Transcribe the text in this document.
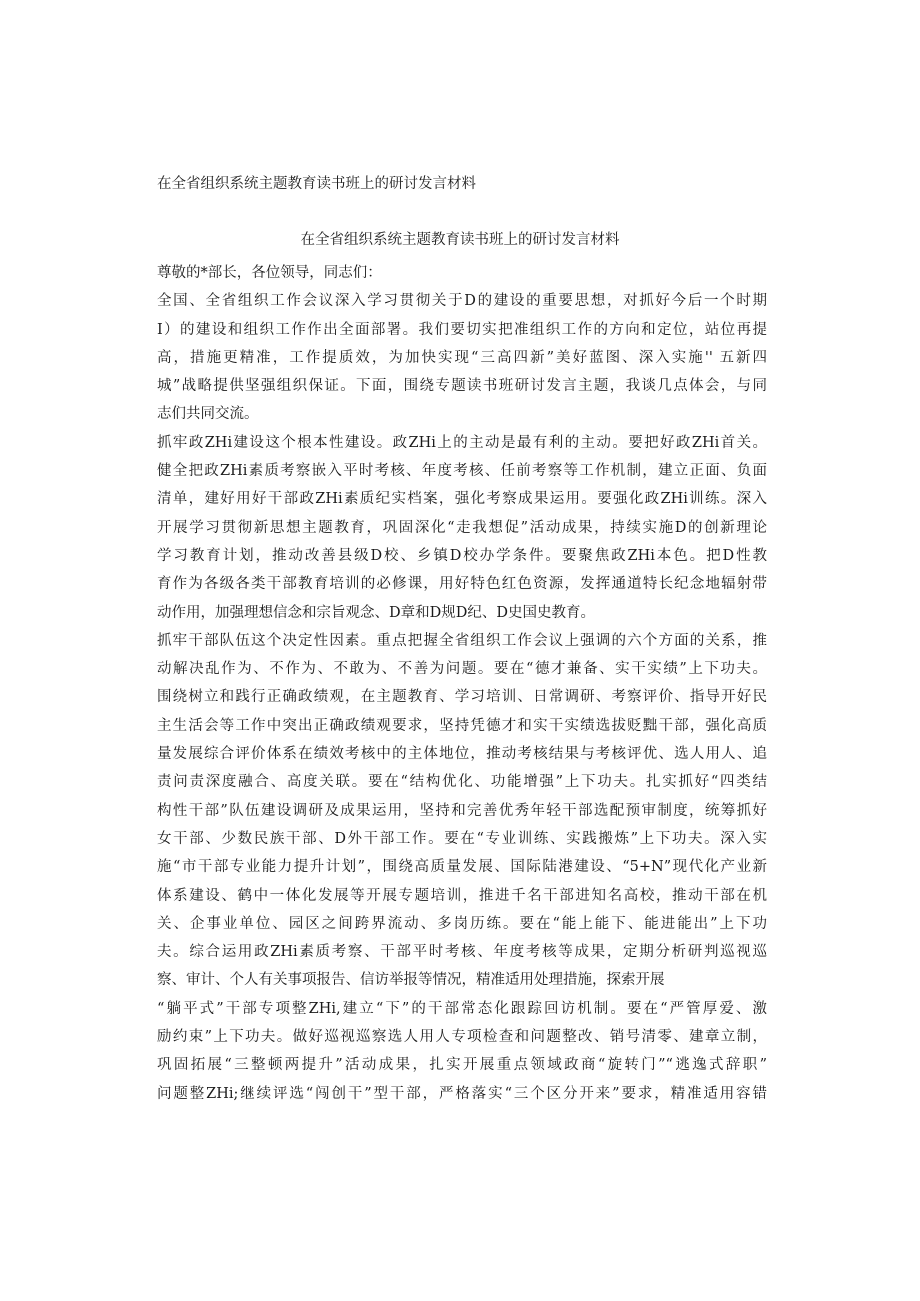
在全省组织系统主题教育读书班上的研讨发言材料
在全省组织系统主题教育读书班上的研讨发言材料
尊敬的*部长，各位领导，同志们：
全国、全省组织工作会议深入学习贯彻关于D的建设的重要思想，对抓好今后一个时期
I）的建设和组织工作作出全面部署。我们要切实把准组织工作的方向和定位，站位再提
高，措施更精准，工作提质效，为加快实现“三高四新”美好蓝图、深入实施'' 五新四
城”战略提供坚强组织保证。下面，围绕专题读书班研讨发言主题，我谈几点体会，与同
志们共同交流。
抓牢政ZHi建设这个根本性建设。政ZHi上的主动是最有利的主动。要把好政ZHi首关。
健全把政ZHi素质考察嵌入平时考核、年度考核、任前考察等工作机制，建立正面、负面
清单，建好用好干部政ZHi素质纪实档案，强化考察成果运用。要强化政ZHi训练。深入
开展学习贯彻新思想主题教育，巩固深化“走我想促”活动成果，持续实施D的创新理论
学习教育计划，推动改善县级D校、乡镇D校办学条件。要聚焦政ZHi本色。把D性教
育作为各级各类干部教育培训的必修课，用好特色红色资源，发挥通道特长纪念地辐射带
动作用，加强理想信念和宗旨观念、D章和D规D纪、D史国史教育。
抓牢干部队伍这个决定性因素。重点把握全省组织工作会议上强调的六个方面的关系，推
动解决乱作为、不作为、不敢为、不善为问题。要在“德才兼备、实干实绩”上下功夫。
围绕树立和践行正确政绩观，在主题教育、学习培训、日常调研、考察评价、指导开好民
主生活会等工作中突出正确政绩观要求，坚持凭德才和实干实绩选拔贬黜干部，强化高质
量发展综合评价体系在绩效考核中的主体地位，推动考核结果与考核评优、选人用人、追
责问责深度融合、高度关联。要在“结构优化、功能增强”上下功夫。扎实抓好“四类结
构性干部”队伍建设调研及成果运用，坚持和完善优秀年轻干部选配预审制度，统筹抓好
女干部、少数民族干部、D外干部工作。要在“专业训练、实践搬炼”上下功夫。深入实
施“市干部专业能力提升计划”，围绕高质量发展、国际陆港建设、“5+N”现代化产业新
体系建设、鹤中一体化发展等开展专题培训，推进千名干部进知名高校，推动干部在机
关、企事业单位、园区之间跨界流动、多岗历练。要在“能上能下、能进能出”上下功
夫。综合运用政ZHi素质考察、干部平时考核、年度考核等成果，定期分析研判巡视巡
察、审计、个人有关事项报告、信访举报等情况，精准适用处理措施，探索开展
“躺平式”干部专项整ZHi,建立“下”的干部常态化跟踪回访机制。要在“严管厚爱、激
励约束”上下功夫。做好巡视巡察选人用人专项检查和问题整改、销号清零、建章立制，
巩固拓展“三整顿两提升”活动成果，扎实开展重点领域政商“旋转门”“逃逸式辞职”
问题整ZHi;继续评选“闯创干”型干部，严格落实“三个区分开来”要求，精准适用容错
